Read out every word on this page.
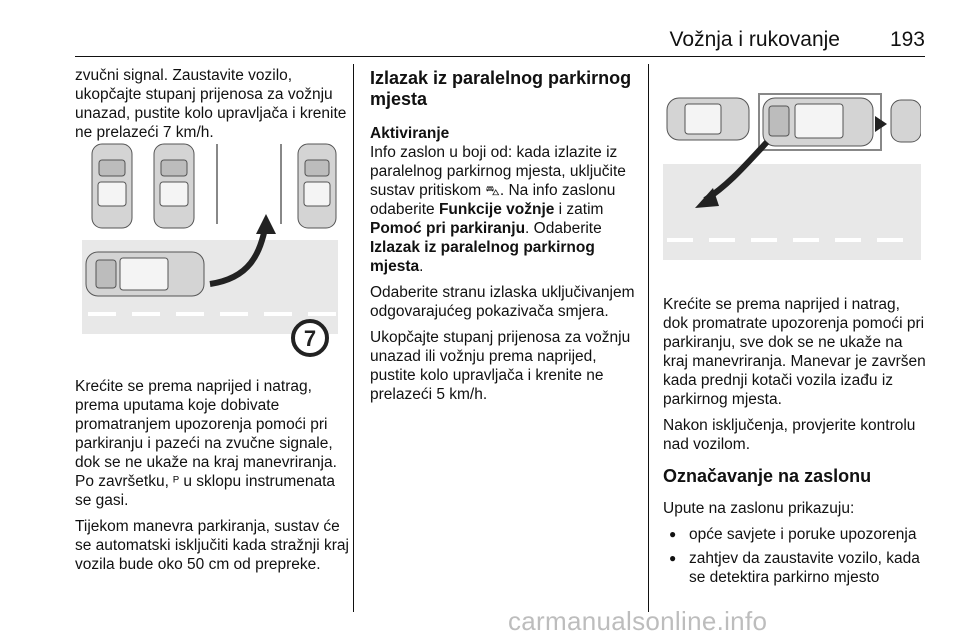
Vožnja i rukovanje 193

zvučni signal. Zaustavite vozilo, ukopčajte stupanj prijenosa za vožnju unazad, pustite kolo upravljača i krenite ne prelazeći 7 km/h.

7

Krećite se prema naprijed i natrag, prema uputama koje dobivate promatranjem upozorenja pomoći pri parkiranju i pazeći na zvučne signale, dok se ne ukaže na kraj manevriranja. Po završetku, ᴾ u sklopu instrumenata se gasi.

Tijekom manevra parkiranja, sustav će se automatski isključiti kada stražnji kraj vozila bude oko 50 cm od prepreke.

Izlazak iz paralelnog parkirnog mjesta
Aktiviranje

Info zaslon u boji od: kada izlazite iz paralelnog parkirnog mjesta, uključite sustav pritiskom ⛍. Na info zaslonu odaberite Funkcije vožnje i zatim Pomoć pri parkiranju. Odaberite Izlazak iz paralelnog parkirnog mjesta.

Odaberite stranu izlaska uključivanjem odgovarajućeg pokazivača smjera.

Ukopčajte stupanj prijenosa za vožnju unazad ili vožnju prema naprijed, pustite kolo upravljača i krenite ne prelazeći 5 km/h.

Krećite se prema naprijed i natrag, dok promatrate upozorenja pomoći pri parkiranju, sve dok se ne ukaže na kraj manevriranja. Manevar je završen kada prednji kotači vozila izađu iz parkirnog mjesta.

Nakon isključenja, provjerite kontrolu nad vozilom.

Označavanje na zaslonu

Upute na zaslonu prikazuju:

● opće savjete i poruke upozorenja
● zahtjev da zaustavite vozilo, kada se detektira parkirno mjesto
carmanualsonline.info
